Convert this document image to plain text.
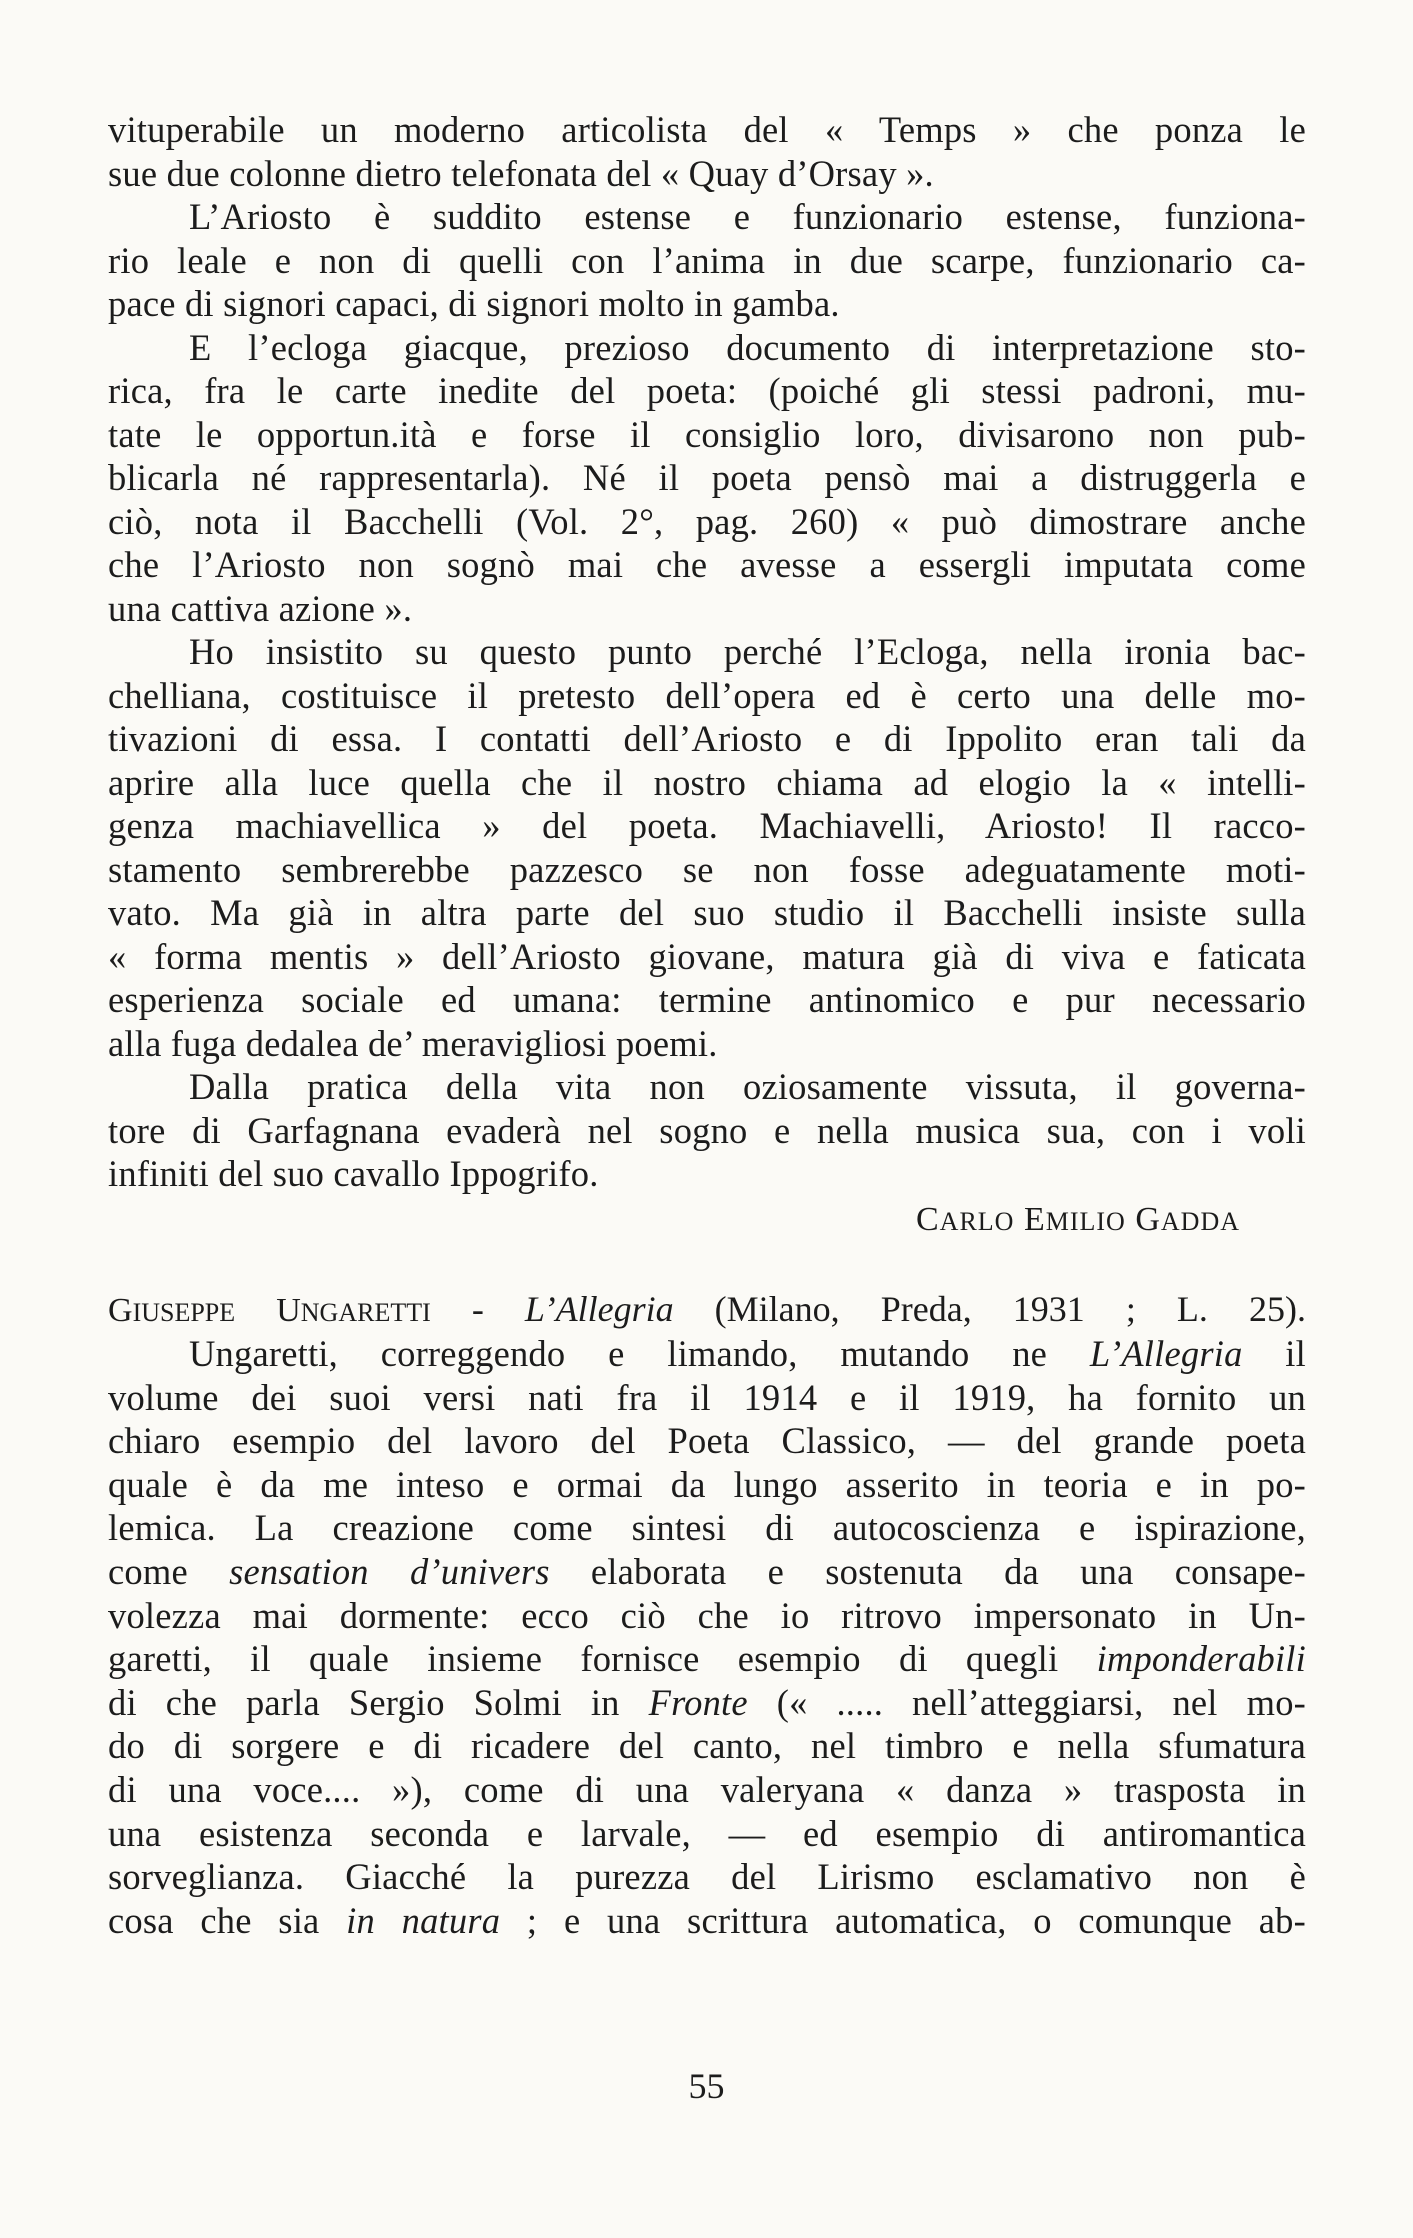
vituperabile un moderno articolista del « Temps » che ponza le
sue due colonne dietro telefonata del « Quay d’Orsay ».
L’Ariosto è suddito estense e funzionario estense, funziona-
rio leale e non di quelli con l’anima in due scarpe, funzionario ca-
pace di signori capaci, di signori molto in gamba.
E l’ecloga giacque, prezioso documento di interpretazione sto-
rica, fra le carte inedite del poeta: (poiché gli stessi padroni, mu-
tate le opportun.ità e forse il consiglio loro, divisarono non pub-
blicarla né rappresentarla). Né il poeta pensò mai a distruggerla e
ciò, nota il Bacchelli (Vol. 2°, pag. 260) « può dimostrare anche
che l’Ariosto non sognò mai che avesse a essergli imputata come
una cattiva azione ».
Ho insistito su questo punto perché l’Ecloga, nella ironia bac-
chelliana, costituisce il pretesto dell’opera ed è certo una delle mo-
tivazioni di essa. I contatti dell’Ariosto e di Ippolito eran tali da
aprire alla luce quella che il nostro chiama ad elogio la « intelli-
genza machiavellica » del poeta. Machiavelli, Ariosto! Il racco-
stamento sembrerebbe pazzesco se non fosse adeguatamente moti-
vato. Ma già in altra parte del suo studio il Bacchelli insiste sulla
« forma mentis » dell’Ariosto giovane, matura già di viva e faticata
esperienza sociale ed umana: termine antinomico e pur necessario
alla fuga dedalea de’ meravigliosi poemi.
Dalla pratica della vita non oziosamente vissuta, il governa-
tore di Garfagnana evaderà nel sogno e nella musica sua, con i voli
infiniti del suo cavallo Ippogrifo.
CARLO EMILIO GADDA
GIUSEPPE UNGARETTI - L’Allegria (Milano, Preda, 1931 ; L. 25).
Ungaretti, correggendo e limando, mutando ne L’Allegria il
volume dei suoi versi nati fra il 1914 e il 1919, ha fornito un
chiaro esempio del lavoro del Poeta Classico, — del grande poeta
quale è da me inteso e ormai da lungo asserito in teoria e in po-
lemica. La creazione come sintesi di autocoscienza e ispirazione,
come sensation d’univers elaborata e sostenuta da una consape-
volezza mai dormente: ecco ciò che io ritrovo impersonato in Un-
garetti, il quale insieme fornisce esempio di quegli imponderabili
di che parla Sergio Solmi in Fronte (« ..... nell’atteggiarsi, nel mo-
do di sorgere e di ricadere del canto, nel timbro e nella sfumatura
di una voce.... »), come di una valeryana « danza » trasposta in
una esistenza seconda e larvale, — ed esempio di antiromantica
sorveglianza. Giacché la purezza del Lirismo esclamativo non è
cosa che sia in natura ; e una scrittura automatica, o comunque ab-
55
